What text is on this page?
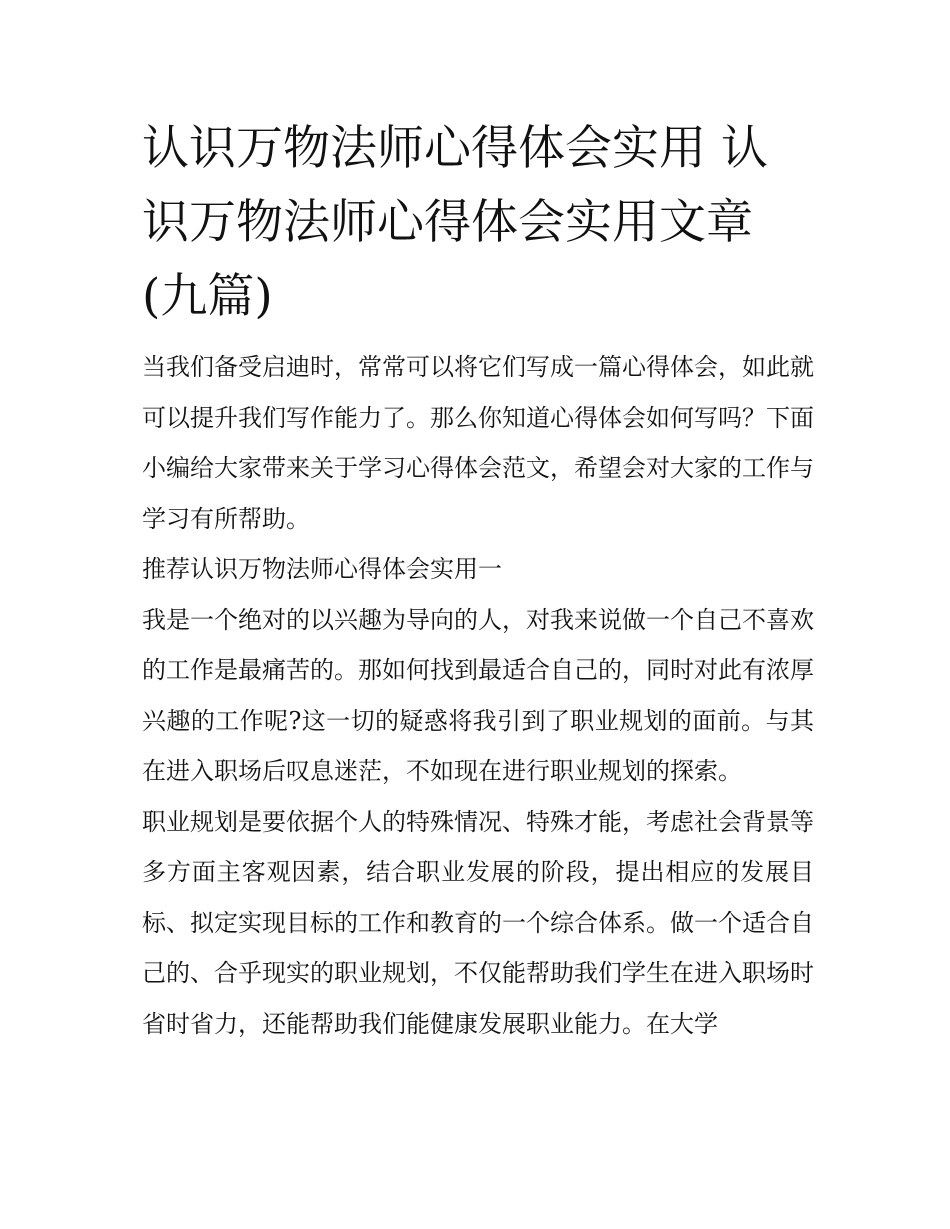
认识万物法师心得体会实用 认识万物法师心得体会实用文章(九篇)

当我们备受启迪时，常常可以将它们写成一篇心得体会，如此就可以提升我们写作能力了。那么你知道心得体会如何写吗？下面小编给大家带来关于学习心得体会范文，希望会对大家的工作与学习有所帮助。

推荐认识万物法师心得体会实用一

我是一个绝对的以兴趣为导向的人，对我来说做一个自己不喜欢的工作是最痛苦的。那如何找到最适合自己的，同时对此有浓厚兴趣的工作呢?这一切的疑惑将我引到了职业规划的面前。与其在进入职场后叹息迷茫，不如现在进行职业规划的探索。

职业规划是要依据个人的特殊情况、特殊才能，考虑社会背景等多方面主客观因素，结合职业发展的阶段，提出相应的发展目标、拟定实现目标的工作和教育的一个综合体系。做一个适合自己的、合乎现实的职业规划，不仅能帮助我们学生在进入职场时省时省力，还能帮助我们能健康发展职业能力。在大学
